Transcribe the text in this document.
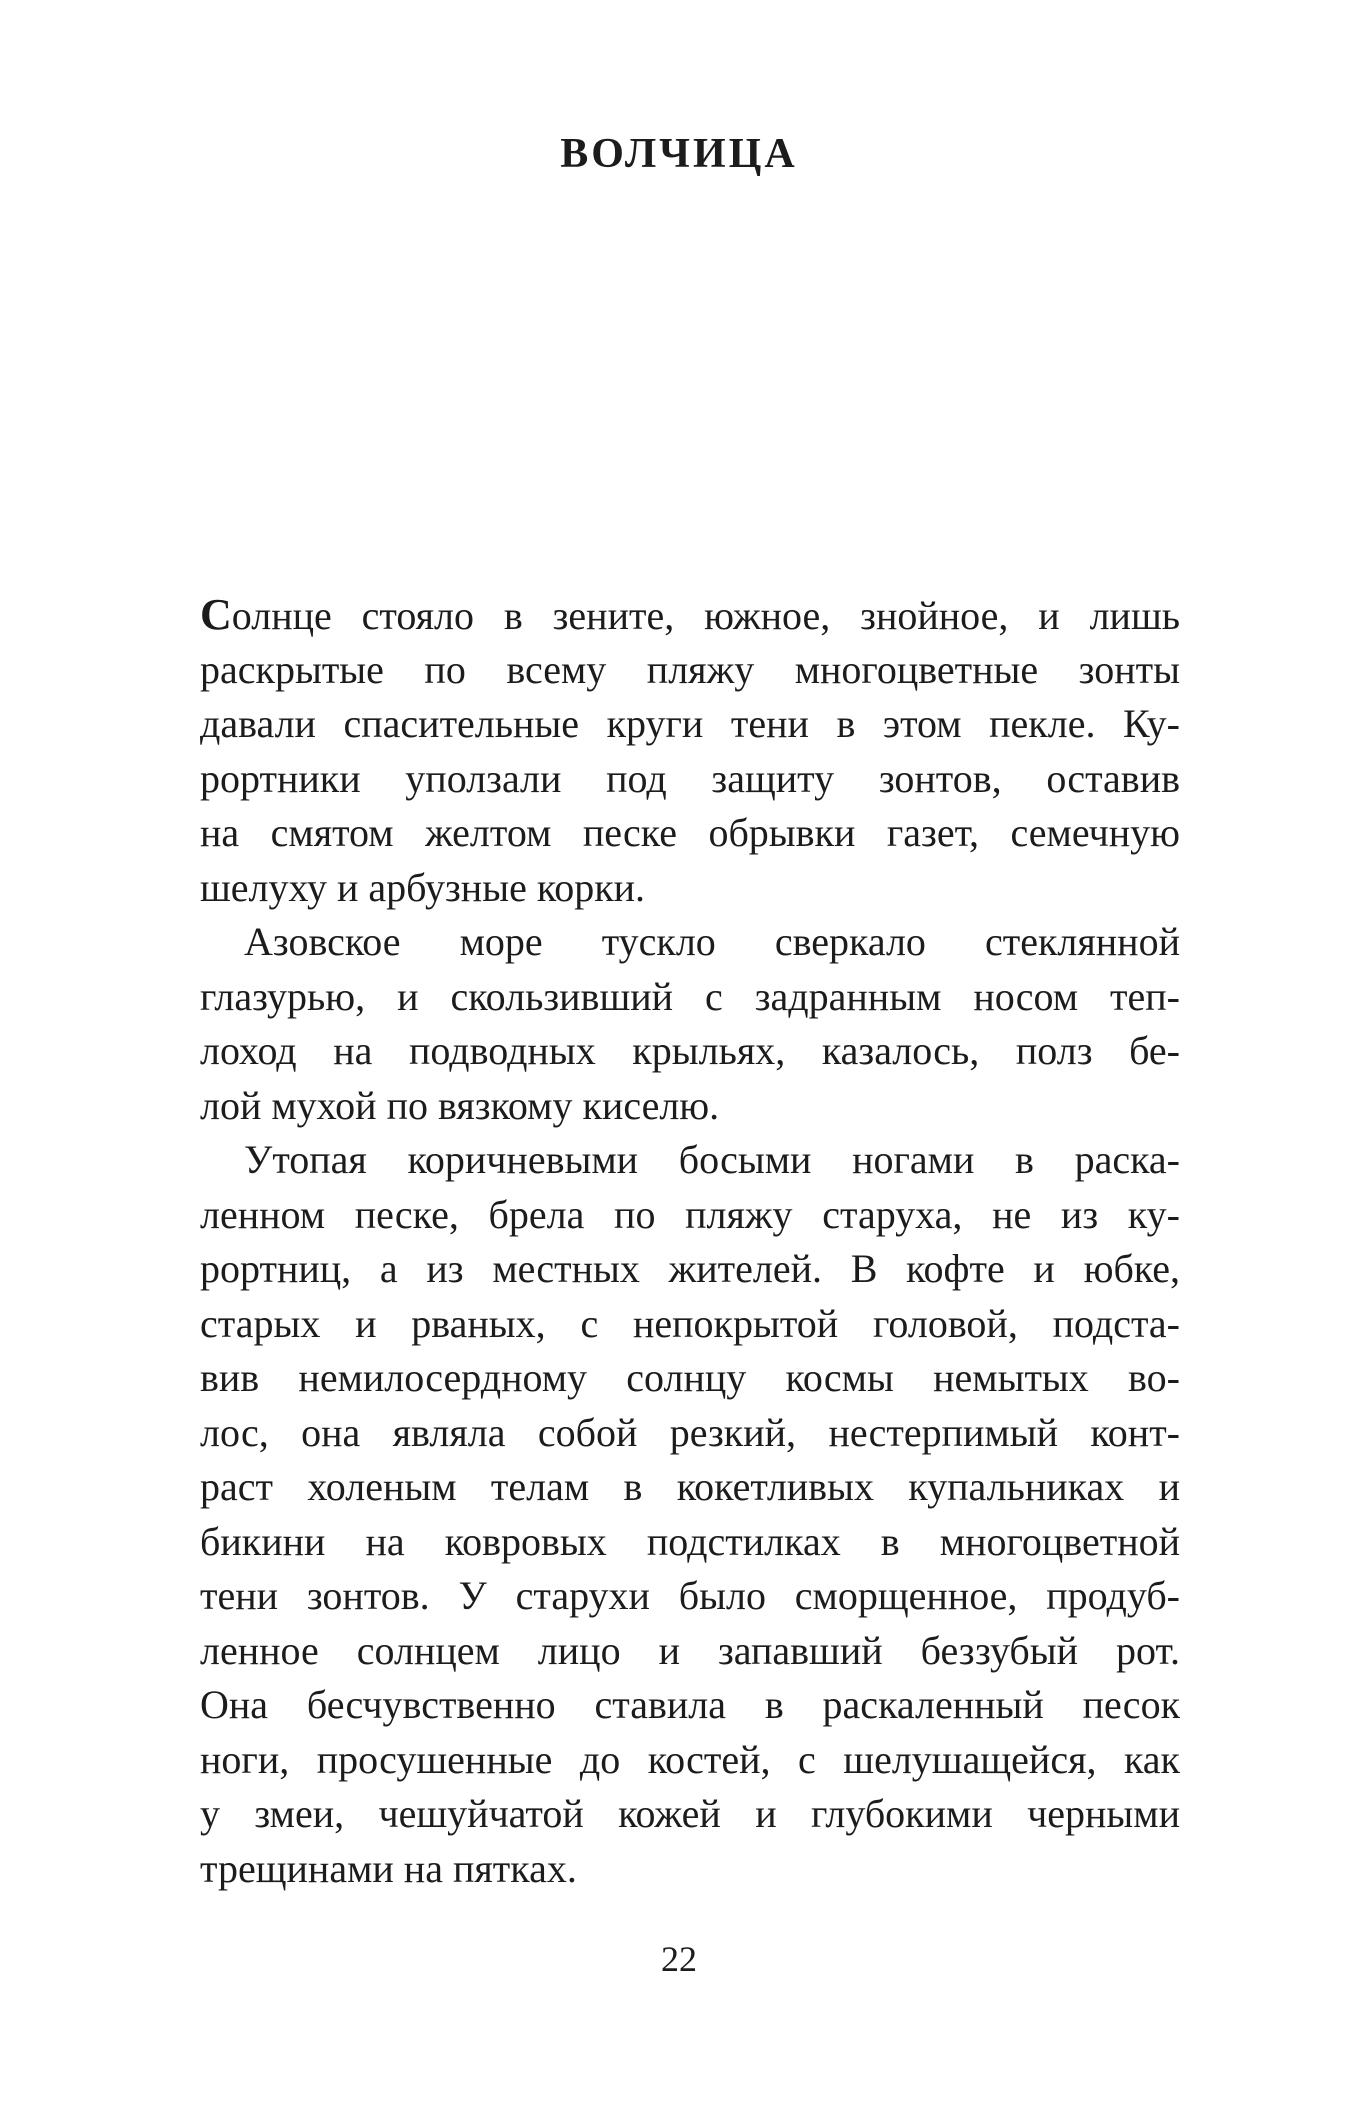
ВОЛЧИЦА
Солнце стояло в зените, южное, знойное, и лишь
раскрытые по всему пляжу многоцветные зонты
давали спасительные круги тени в этом пекле. Ку-
рортники уползали под защиту зонтов, оставив
на смятом желтом песке обрывки газет, семечную
шелуху и арбузные корки.
Азовское море тускло сверкало стеклянной
глазурью, и скользивший с задранным носом теп-
лоход на подводных крыльях, казалось, полз бе-
лой мухой по вязкому киселю.
Утопая коричневыми босыми ногами в раска-
ленном песке, брела по пляжу старуха, не из ку-
рортниц, а из местных жителей. В кофте и юбке,
старых и рваных, с непокрытой головой, подста-
вив немилосердному солнцу космы немытых во-
лос, она являла собой резкий, нестерпимый конт-
раст холеным телам в кокетливых купальниках и
бикини на ковровых подстилках в многоцветной
тени зонтов. У старухи было сморщенное, продуб-
ленное солнцем лицо и запавший беззубый рот.
Она бесчувственно ставила в раскаленный песок
ноги, просушенные до костей, с шелушащейся, как
у змеи, чешуйчатой кожей и глубокими черными
трещинами на пятках.
22
